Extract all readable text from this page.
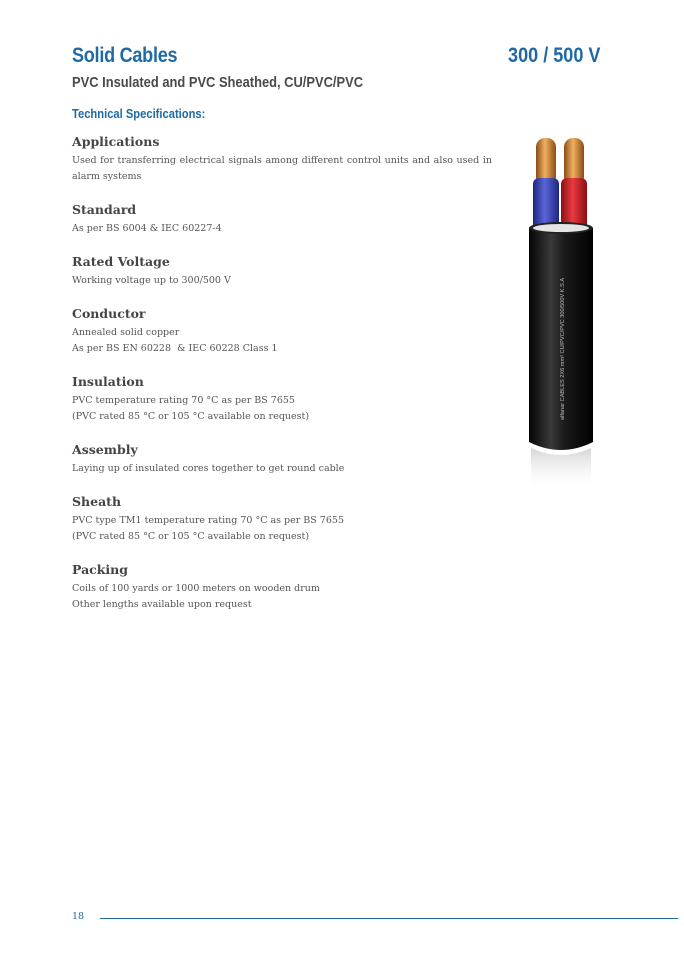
Solid Cables	300 / 500 V
PVC Insulated and PVC Sheathed, CU/PVC/PVC
Technical Specifications:
Applications

Used for transferring electrical signals among different control units and also used in alarm systems

Standard

As per BS 6004 & IEC 60227-4

Rated Voltage

Working voltage up to 300/500 V

Conductor

Annealed solid copper

As per BS EN 60228  & IEC 60228 Class 1

Insulation

PVC temperature rating 70 °C as per BS 7655

(PVC rated 85 °C or 105 °C available on request)

Assembly

Laying up of insulated cores together to get round cable

Sheath

PVC type TM1 temperature rating 70 °C as per BS 7655

(PVC rated 85 °C or 105 °C available on request)

Packing

Coils of 100 yards or 1000 meters on wooden drum

Other lengths available upon request

alfanar CABLES 2X6 mm² CU/PVC/PVC 300/500V K.S.A
18
